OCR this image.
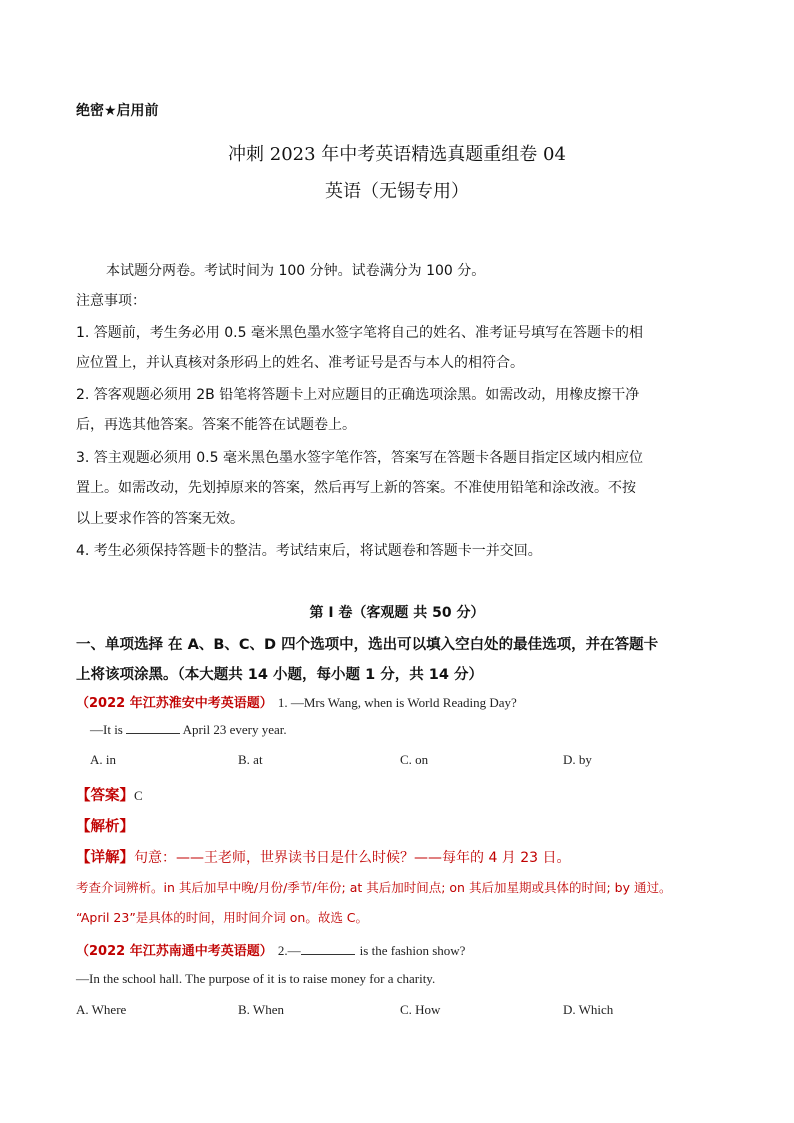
绝密★启用前
冲刺 2023 年中考英语精选真题重组卷 04
英语（无锡专用）
本试题分两卷。考试时间为 100 分钟。试卷满分为 100 分。
注意事项：
1. 答题前，考生务必用 0.5 毫米黑色墨水签字笔将自己的姓名、准考证号填写在答题卡的相
应位置上，并认真核对条形码上的姓名、准考证号是否与本人的相符合。
2. 答客观题必须用 2B 铅笔将答题卡上对应题目的正确选项涂黑。如需改动，用橡皮擦干净
后，再选其他答案。答案不能答在试题卷上。
3. 答主观题必须用 0.5 毫米黑色墨水签字笔作答，答案写在答题卡各题目指定区域内相应位
置上。如需改动，先划掉原来的答案，然后再写上新的答案。不准使用铅笔和涂改液。不按
以上要求作答的答案无效。
4. 考生必须保持答题卡的整洁。考试结束后，将试题卷和答题卡一并交回。
第 I 卷（客观题 共 50 分）
一、单项选择 在 A、B、C、D 四个选项中，选出可以填入空白处的最佳选项，并在答题卡
上将该项涂黑。（本大题共 14 小题，每小题 1 分，共 14 分）
（2022 年江苏淮安中考英语题） 1. —Mrs Wang, when is World Reading Day?
—It is	April 23 every year.
A. in	B. at	C. on	D. by
【答案】C
【解析】
【详解】句意：——王老师，世界读书日是什么时候？——每年的 4 月 23 日。
考查介词辨析。in 其后加早中晚/月份/季节/年份; at 其后加时间点; on 其后加星期或具体的时间; by 通过。
“April 23”是具体的时间，用时间介词 on。故选 C。
（2022 年江苏南通中考英语题） 2.—	is the fashion show?
—In the school hall. The purpose of it is to raise money for a charity.
A. Where	B. When	C. How	D. Which
